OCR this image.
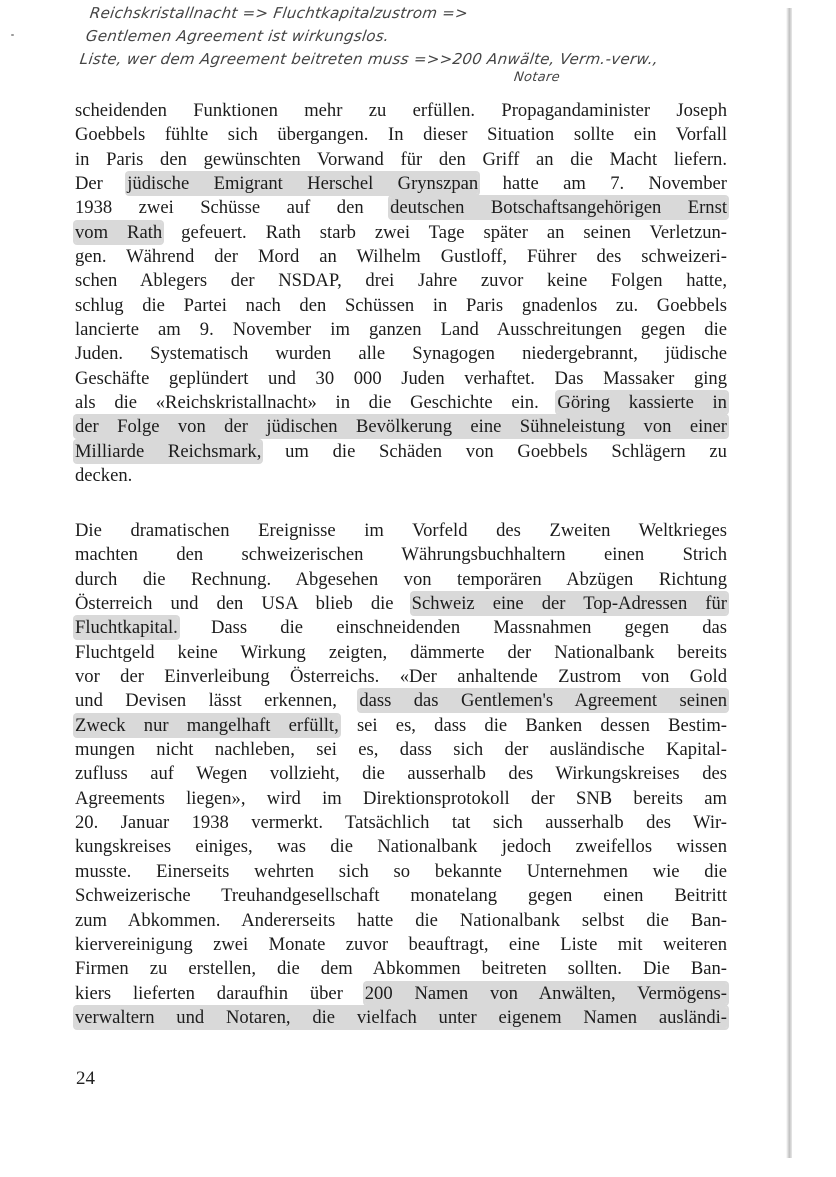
Reichskristallnacht => Fluchtkapitalzustrom =>
Gentlemen Agreement ist wirkungslos.
Liste, wer dem Agreement beitreten muss =>>200 Anwälte, Verm.-verw.,
Notare
scheidenden Funktionen mehr zu erfüllen. Propagandaminister Joseph
Goebbels fühlte sich übergangen. In dieser Situation sollte ein Vorfall
in Paris den gewünschten Vorwand für den Griff an die Macht liefern.
Der jüdische Emigrant Herschel Grynszpan hatte am 7. November
1938 zwei Schüsse auf den deutschen Botschaftsangehörigen Ernst
vom Rath gefeuert. Rath starb zwei Tage später an seinen Verletzun-
gen. Während der Mord an Wilhelm Gustloff, Führer des schweizeri-
schen Ablegers der NSDAP, drei Jahre zuvor keine Folgen hatte,
schlug die Partei nach den Schüssen in Paris gnadenlos zu. Goebbels
lancierte am 9. November im ganzen Land Ausschreitungen gegen die
Juden. Systematisch wurden alle Synagogen niedergebrannt, jüdische
Geschäfte geplündert und 30 000 Juden verhaftet. Das Massaker ging
als die «Reichskristallnacht» in die Geschichte ein. Göring kassierte in
der Folge von der jüdischen Bevölkerung eine Sühneleistung von einer
Milliarde Reichsmark, um die Schäden von Goebbels Schlägern zu
decken.
Die dramatischen Ereignisse im Vorfeld des Zweiten Weltkrieges
machten den schweizerischen Währungsbuchhaltern einen Strich
durch die Rechnung. Abgesehen von temporären Abzügen Richtung
Österreich und den USA blieb die Schweiz eine der Top-Adressen für
Fluchtkapital. Dass die einschneidenden Massnahmen gegen das
Fluchtgeld keine Wirkung zeigten, dämmerte der Nationalbank bereits
vor der Einverleibung Österreichs. «Der anhaltende Zustrom von Gold
und Devisen lässt erkennen, dass das Gentlemen's Agreement seinen
Zweck nur mangelhaft erfüllt, sei es, dass die Banken dessen Bestim-
mungen nicht nachleben, sei es, dass sich der ausländische Kapital-
zufluss auf Wegen vollzieht, die ausserhalb des Wirkungskreises des
Agreements liegen», wird im Direktionsprotokoll der SNB bereits am
20. Januar 1938 vermerkt. Tatsächlich tat sich ausserhalb des Wir-
kungskreises einiges, was die Nationalbank jedoch zweifellos wissen
musste. Einerseits wehrten sich so bekannte Unternehmen wie die
Schweizerische Treuhandgesellschaft monatelang gegen einen Beitritt
zum Abkommen. Andererseits hatte die Nationalbank selbst die Ban-
kiervereinigung zwei Monate zuvor beauftragt, eine Liste mit weiteren
Firmen zu erstellen, die dem Abkommen beitreten sollten. Die Ban-
kiers lieferten daraufhin über 200 Namen von Anwälten, Vermögens-
verwaltern und Notaren, die vielfach unter eigenem Namen ausländi-
24
